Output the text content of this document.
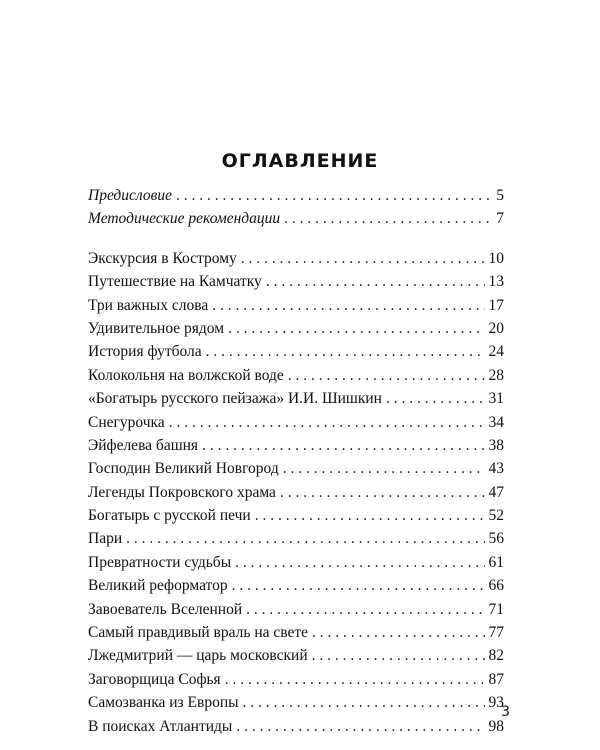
ОГЛАВЛЕНИЕ
Предисловие . . .	5
Методические рекомендации . . .	7
Экскурсия в Кострому . . .	10
Путешествие на Камчатку . . .	13
Три важных слова . . .	17
Удивительное рядом . . .	20
История футбола . . .	24
Колокольня на волжской воде . . .	28
«Богатырь русского пейзажа» И.И. Шишкин . . .	31
Снегурочка . . .	34
Эйфелева башня . . .	38
Господин Великий Новгород . . .	43
Легенды Покровского храма . . .	47
Богатырь с русской печи . . .	52
Пари . . .	56
Превратности судьбы . . .	61
Великий реформатор . . .	66
Завоеватель Вселенной . . .	71
Самый правдивый враль на свете . . .	77
Лжедмитрий — царь московский . . .	82
Заговорщица Софья . . .	87
Самозванка из Европы . . .	93
В поисках Атлантиды . . .	98
3
